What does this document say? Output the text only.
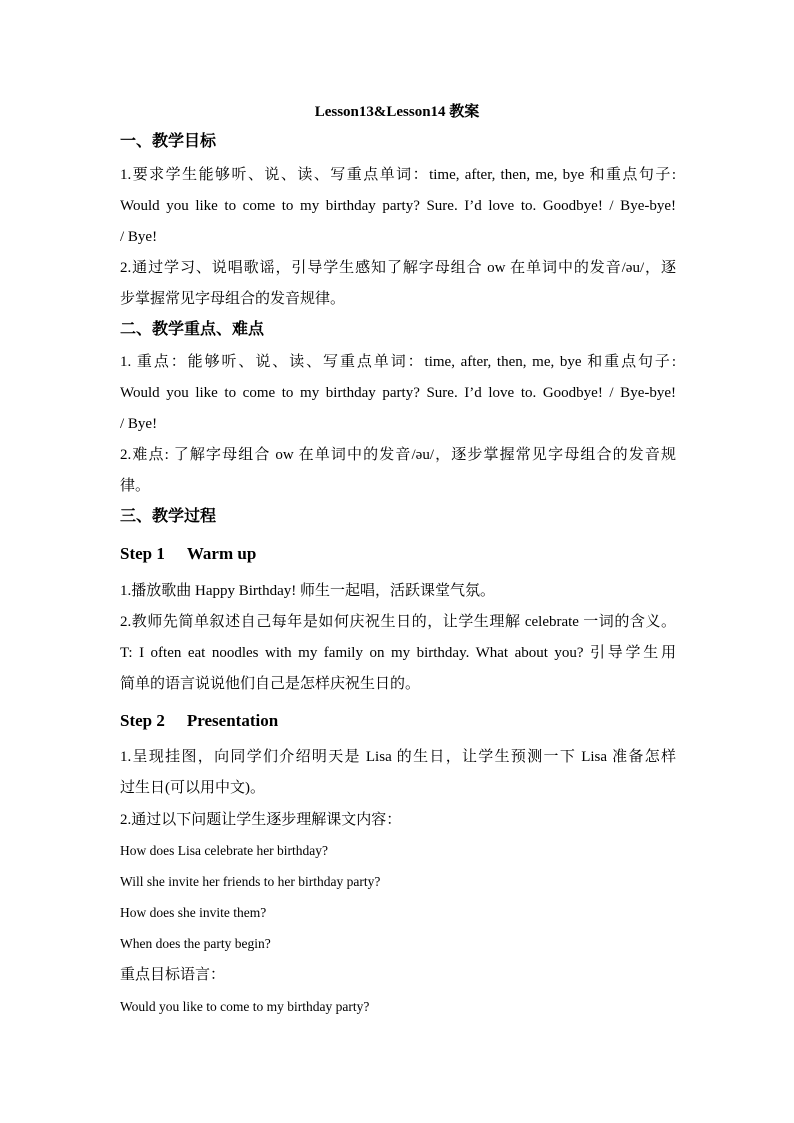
Lesson13&Lesson14 教案
一、教学目标
1.要求学生能够听、说、读、写重点单词：time, after, then, me, bye 和重点句子:
Would you like to come to my birthday party? Sure. I’d love to. Goodbye! / Bye-bye!
/ Bye!
2.通过学习、说唱歌谣，引导学生感知了解字母组合 ow 在单词中的发音/əu/，逐
步掌握常见字母组合的发音规律。
二、教学重点、难点
1. 重点：能够听、说、读、写重点单词：time, after, then, me, bye 和重点句子:
Would you like to come to my birthday party? Sure. I’d love to. Goodbye! / Bye-bye!
/ Bye!
2.难点: 了解字母组合 ow 在单词中的发音/əu/，逐步掌握常见字母组合的发音规
律。
三、教学过程
Step 1 Warm up
1.播放歌曲 Happy Birthday! 师生一起唱，活跃课堂气氛。
2.教师先简单叙述自己每年是如何庆祝生日的，让学生理解 celebrate 一词的含义。
T: I often eat noodles with my family on my birthday. What about you? 引导学生用
简单的语言说说他们自己是怎样庆祝生日的。
Step 2 Presentation
1.呈现挂图，向同学们介绍明天是 Lisa 的生日，让学生预测一下 Lisa 准备怎样
过生日(可以用中文)。
2.通过以下问题让学生逐步理解课文内容：
How does Lisa celebrate her birthday?
Will she invite her friends to her birthday party?
How does she invite them?
When does the party begin?
重点目标语言：
Would you like to come to my birthday party?
